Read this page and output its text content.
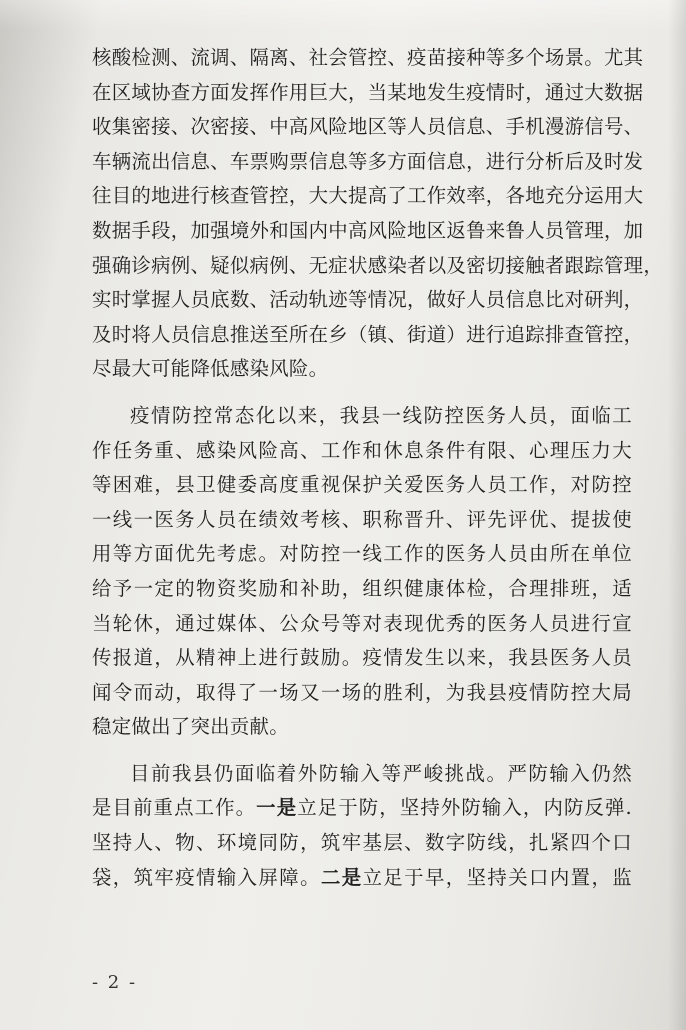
核酸检测、流调、隔离、社会管控、疫苗接种等多个场景。尤其
在区域协查方面发挥作用巨大，当某地发生疫情时，通过大数据
收集密接、次密接、中高风险地区等人员信息、手机漫游信号、
车辆流出信息、车票购票信息等多方面信息，进行分析后及时发
往目的地进行核查管控，大大提高了工作效率，各地充分运用大
数据手段，加强境外和国内中高风险地区返鲁来鲁人员管理，加
强确诊病例、疑似病例、无症状感染者以及密切接触者跟踪管理，
实时掌握人员底数、活动轨迹等情况，做好人员信息比对研判，
及时将人员信息推送至所在乡（镇、街道）进行追踪排查管控，
尽最大可能降低感染风险。
疫情防控常态化以来，我县一线防控医务人员，面临工
作任务重、感染风险高、工作和休息条件有限、心理压力大
等困难，县卫健委高度重视保护关爱医务人员工作，对防控
一线一医务人员在绩效考核、职称晋升、评先评优、提拔使
用等方面优先考虑。对防控一线工作的医务人员由所在单位
给予一定的物资奖励和补助，组织健康体检，合理排班，适
当轮休，通过媒体、公众号等对表现优秀的医务人员进行宣
传报道，从精神上进行鼓励。疫情发生以来，我县医务人员
闻令而动，取得了一场又一场的胜利，为我县疫情防控大局
稳定做出了突出贡献。
目前我县仍面临着外防输入等严峻挑战。严防输入仍然
是目前重点工作。一是立足于防，坚持外防输入，内防反弹.
坚持人、物、环境同防，筑牢基层、数字防线，扎紧四个口
袋，筑牢疫情输入屏障。二是立足于早，坚持关口内置，监
- 2 -
